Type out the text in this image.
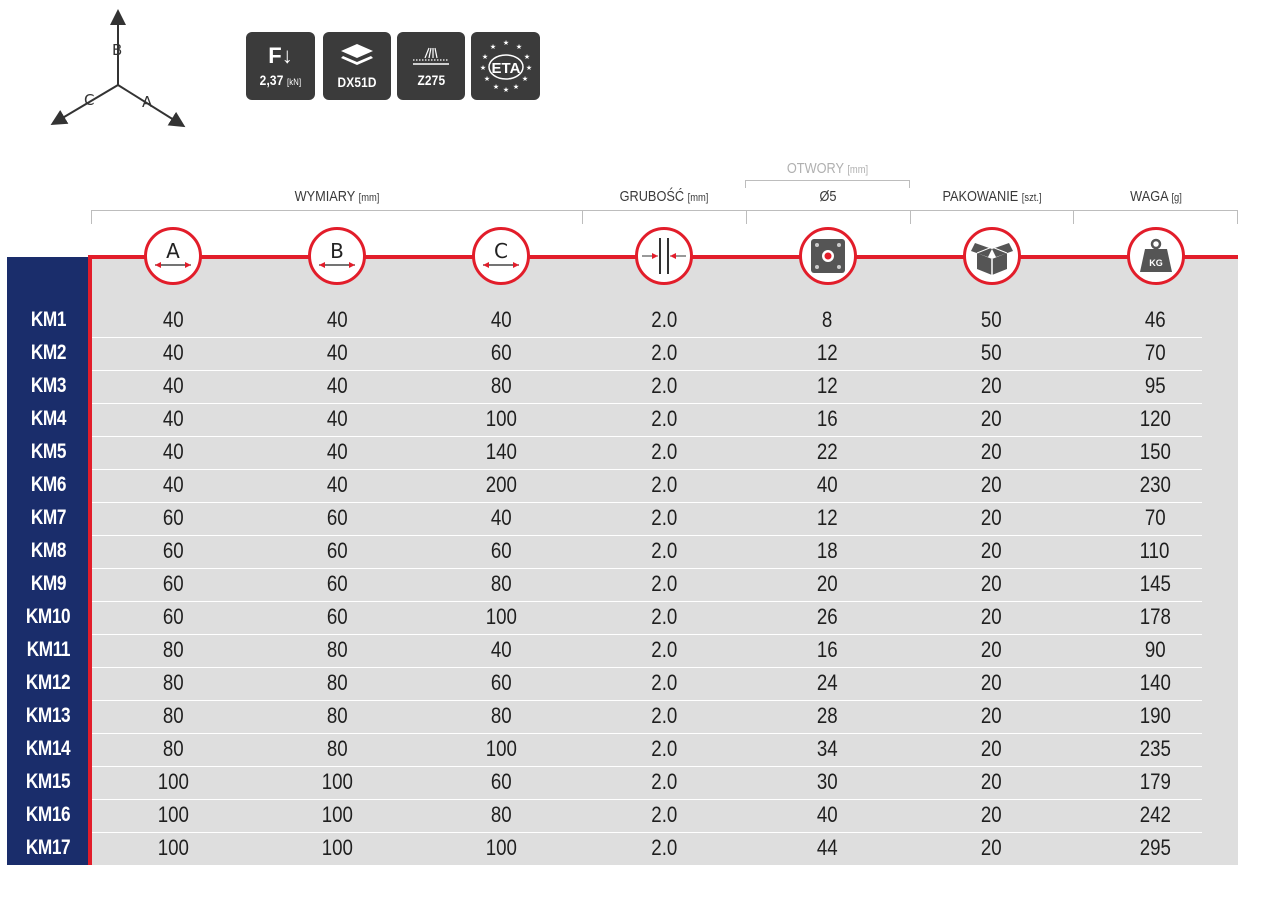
B
C	A
F↓
2,37 [kN]	DX51D	Z275
★ ★
★
★
★
★
★
★
★
★
★
★
ETA
OTWORY [mm]
WYMIARY [mm]	GRUBOŚĆ [mm]	Ø5	PAKOWANIE [szt.]	WAGA [g]
A	B	C	KG
KM1	40	40	40	2.0	8	50	46
KM2	40	40	60	2.0	12	50	70
KM3	40	40	80	2.0	12	20	95
KM4	40	40	100	2.0	16	20	120
KM5	40	40	140	2.0	22	20	150
KM6	40	40	200	2.0	40	20	230
KM7	60	60	40	2.0	12	20	70
KM8	60	60	60	2.0	18	20	110
KM9	60	60	80	2.0	20	20	145
KM10	60	60	100	2.0	26	20	178
KM11	80	80	40	2.0	16	20	90
KM12	80	80	60	2.0	24	20	140
KM13	80	80	80	2.0	28	20	190
KM14	80	80	100	2.0	34	20	235
KM15	100	100	60	2.0	30	20	179
KM16	100	100	80	2.0	40	20	242
KM17	100	100	100	2.0	44	20	295
